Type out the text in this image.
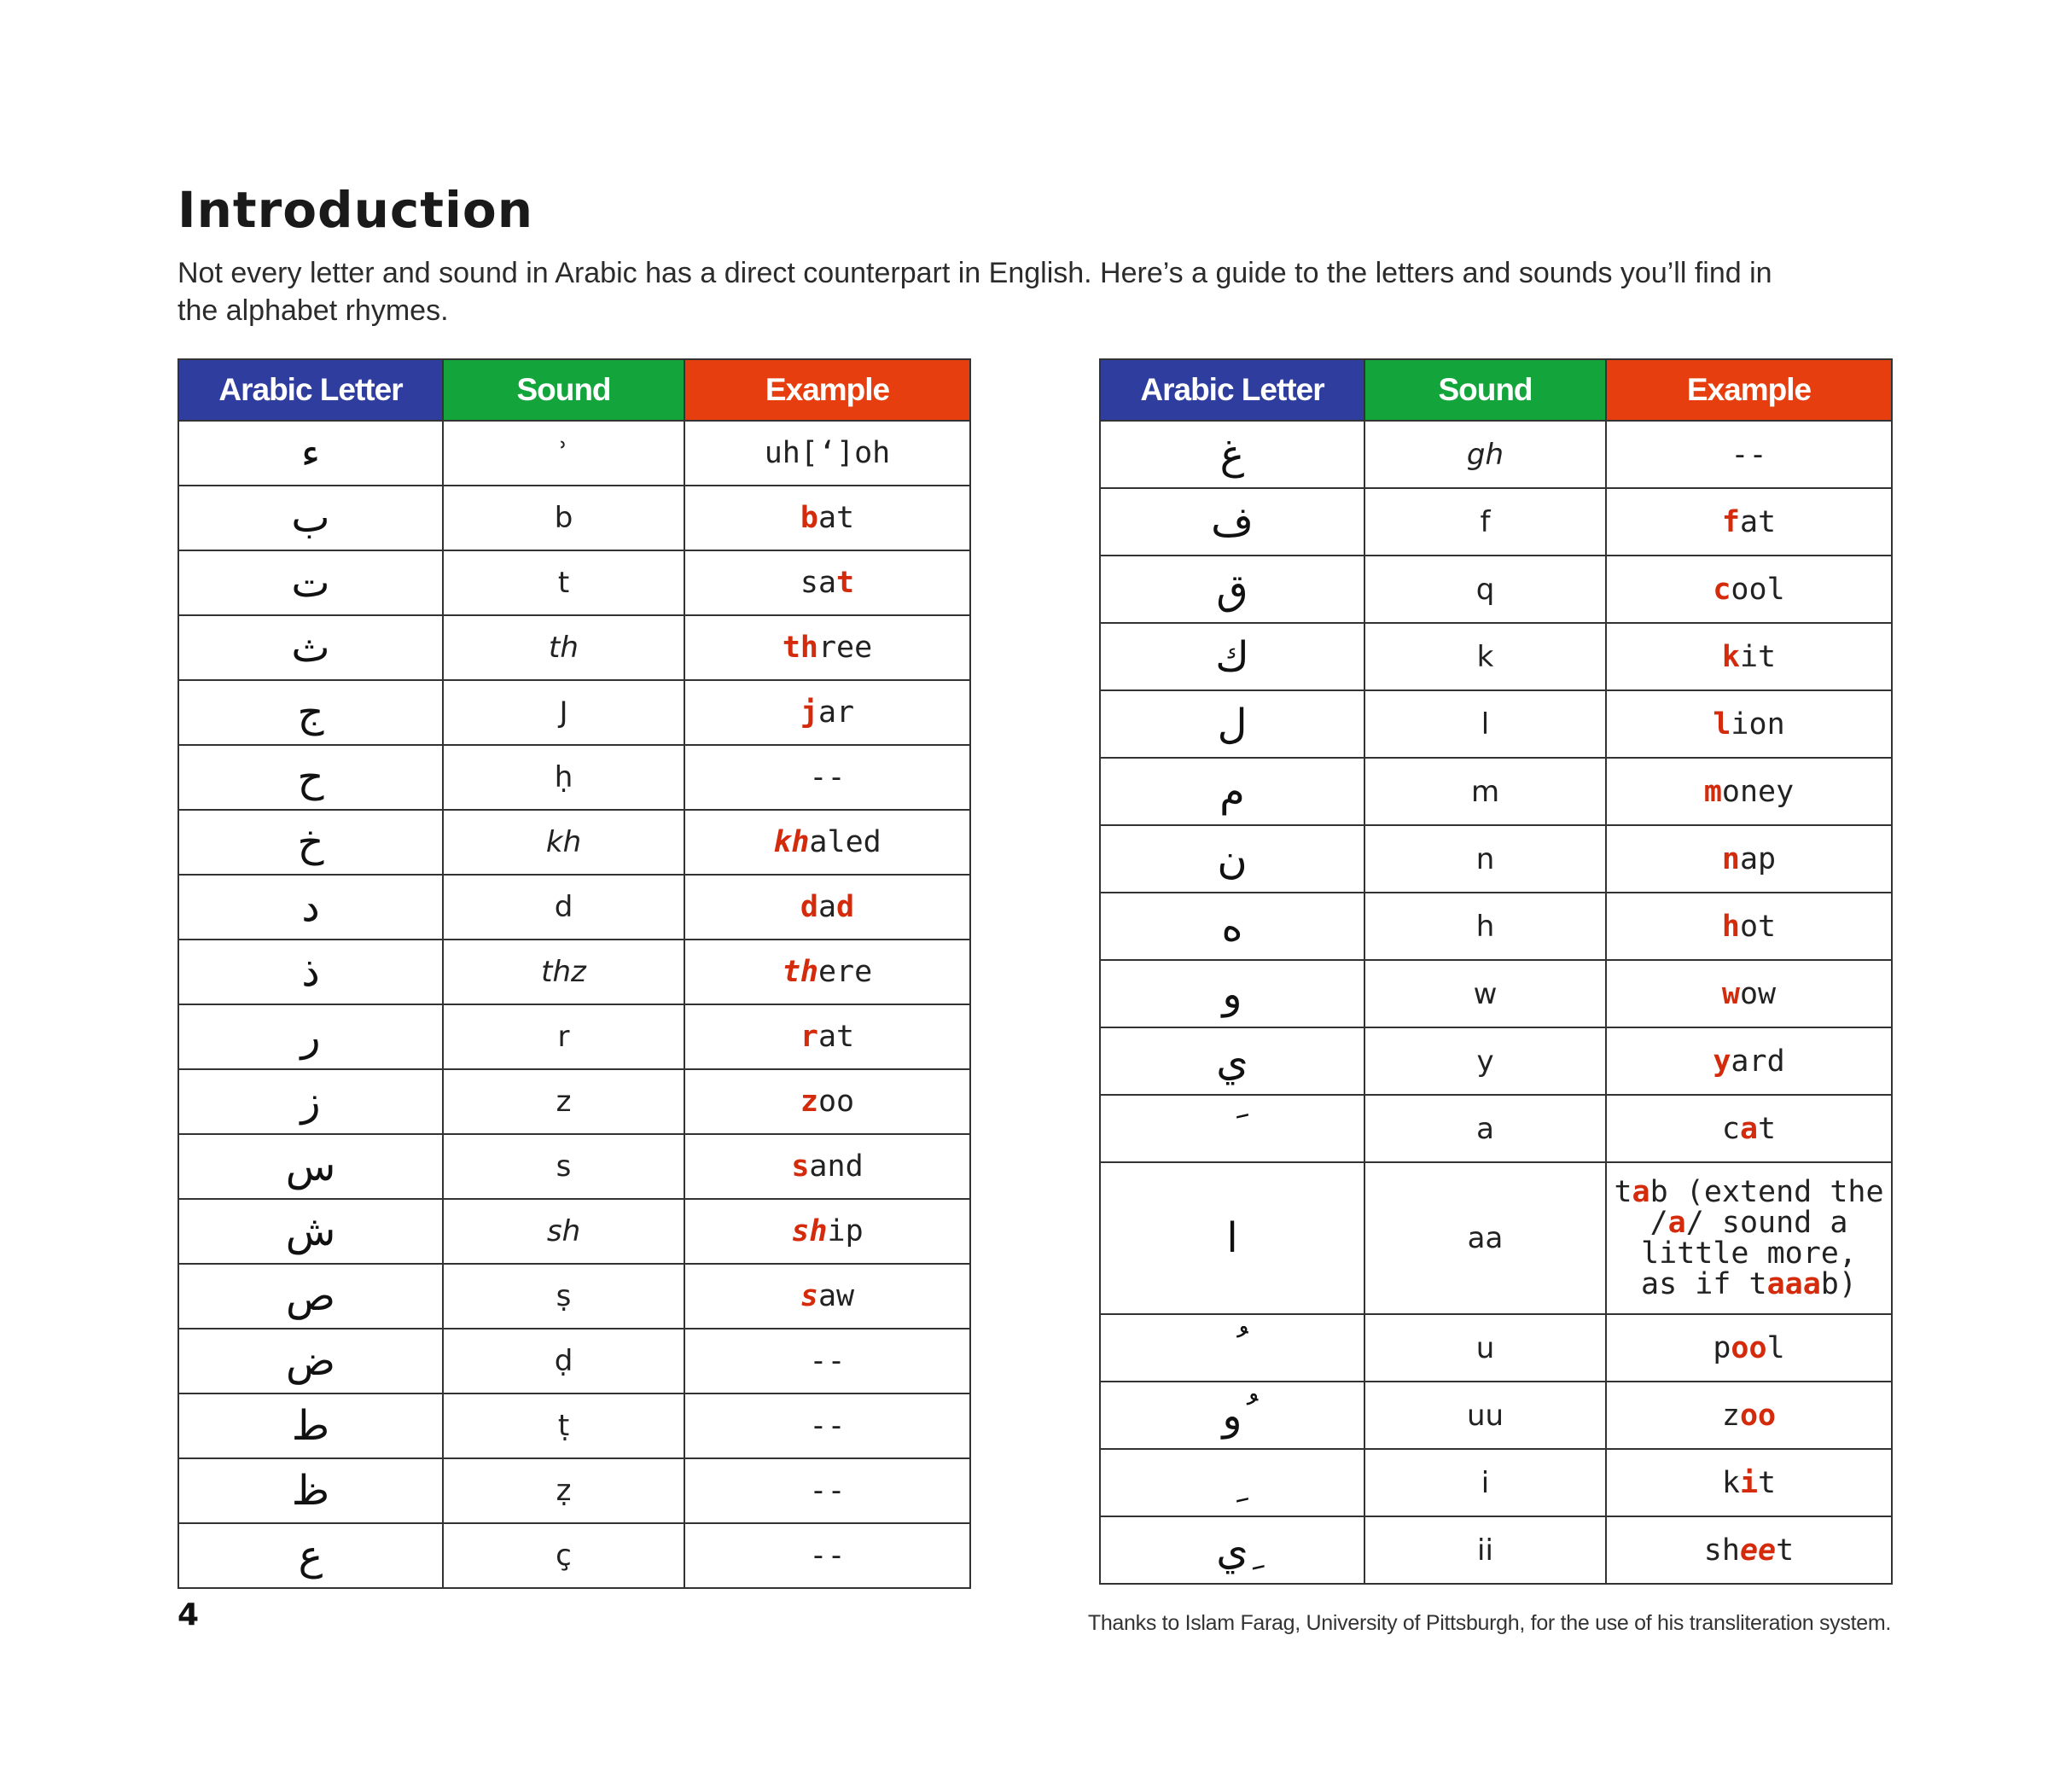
Introduction

Not every letter and sound in Arabic has a direct counterpart in English. Here’s a guide to the letters and sounds you’ll find in the alphabet rhymes.

Arabic Letter	Sound	Example
ء	ʾ	uh[‘]oh
ب	b	bat
ت	t	sat
ث	th	three
ج	J	jar
ح	ḥ	--
خ	kh	khaled
د	d	dad
ذ	thz	there
ر	r	rat
ز	z	zoo
س	s	sand
ش	sh	ship
ص	ṣ	saw
ض	ḍ	--
ط	ṭ	--
ظ	ẓ	--
ع	ç	--
Arabic Letter	Sound	Example
غ	gh	--
ف	f	fat
ق	q	cool
ك	k	kit
ل	l	lion
م	m	money
ن	n	nap
ه	h	hot
و	w	wow
ي	y	yard
	a	cat
ا	aa	tab (extend the
/a/ sound a
little more,
as if taaab)

	u	pool
ُو	uu	zoo
	i	kit
ِي	ii	sheet

4	Thanks to Islam Farag, University of Pittsburgh, for the use of his transliteration system.
